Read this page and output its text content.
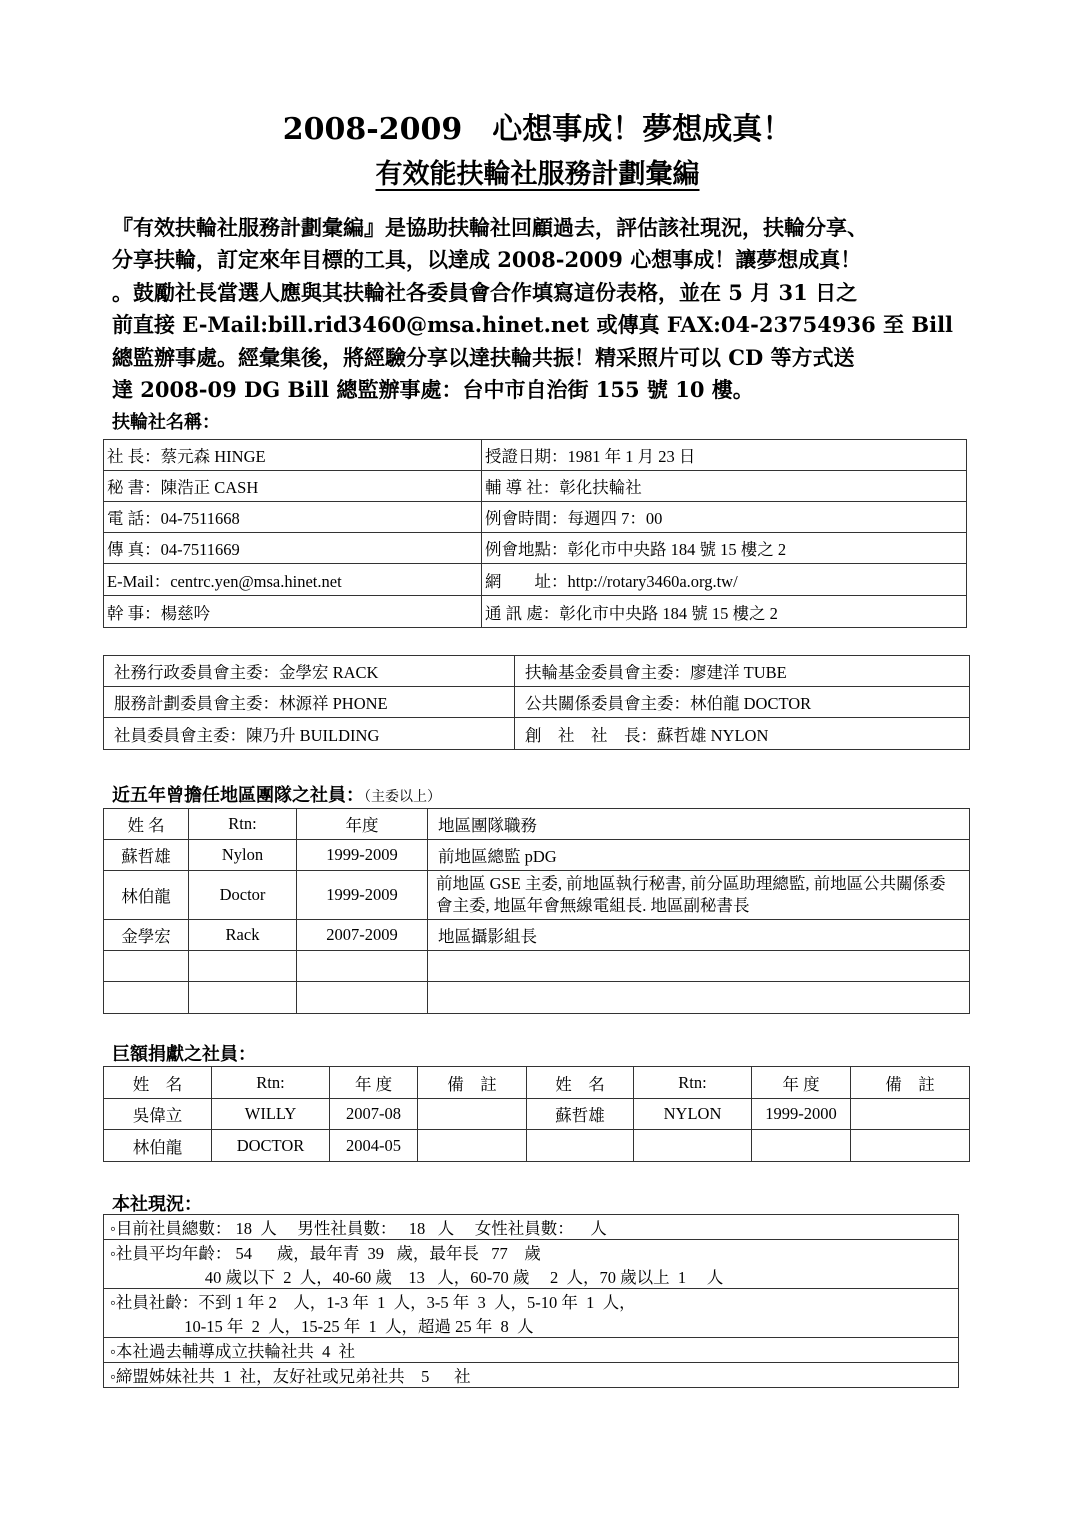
2008-2009　心想事成！夢想成真！
有效能扶輪社服務計劃彙編
『有效扶輪社服務計劃彙編』是協助扶輪社回顧過去，評估該社現況，扶輪分享、
分享扶輪，訂定來年目標的工具，以達成 2008-2009 心想事成！讓夢想成真！
。鼓勵社長當選人應與其扶輪社各委員會合作填寫這份表格，並在 5 月 31 日之
前直接 E-Mail:bill.rid3460@msa.hinet.net 或傳真 FAX:04-23754936 至 Bill
總監辦事處。經彙集後，將經驗分享以達扶輪共振！精采照片可以 CD 等方式送
達 2008-09 DG Bill 總監辦事處：台中市自治街 155 號 10 樓。
扶輪社名稱：
社 長：蔡元森 HINGE	授證日期：1981 年 1 月 23 日
秘 書：陳浩正 CASH	輔 導 社：彰化扶輪社
電 話：04-7511668	例會時間：每週四 7：00
傳 真：04-7511669	例會地點：彰化市中央路 184 號 15 樓之 2
E-Mail：centrc.yen@msa.hinet.net	網　　址：http://rotary3460a.org.tw/
幹 事：楊慈吟	通 訊 處：彰化市中央路 184 號 15 樓之 2
社務行政委員會主委：金學宏 RACK	扶輪基金委員會主委：廖建洋 TUBE
服務計劃委員會主委：林源祥 PHONE	公共關係委員會主委：林伯龍 DOCTOR
社員委員會主委：陳乃升 BUILDING	創　社　社　長：蘇哲雄 NYLON
近五年曾擔任地區團隊之社員：（主委以上）
姓 名	Rtn:	年度	地區團隊職務
蘇哲雄	Nylon	1999-2009	前地區總監 pDG
林伯龍	Doctor	1999-2009	前地區 GSE 主委, 前地區執行秘書, 前分區助理總監, 前地區公共關係委會主委, 地區年會無線電組長. 地區副秘書長
金學宏	Rack	2007-2009	地區攝影組長

巨額捐獻之社員：
姓　名	Rtn:	年 度	備　註	姓　名	Rtn:	年 度	備　註
吳偉立	WILLY	2007-08		蘇哲雄	NYLON	1999-2000	
林伯龍	DOCTOR	2004-05					
本社現況：
◦目前社員總數： 18  人     男性社員數：   18   人     女性社員數：    人

◦社員平均年齡： 54      歲，最年青  39   歲，最年長   77    歲
40 歲以下  2  人，40-60 歲    13   人，60-70 歲     2  人，70 歲以上  1     人

◦社員社齡：不到 1 年 2    人，1-3 年  1  人，3-5 年  3  人，5-10 年  1  人，
10-15 年  2  人，15-25 年  1  人，超過 25 年  8  人

◦本社過去輔導成立扶輪社共  4  社

◦締盟姊妹社共  1  社，友好社或兄弟社共    5      社
